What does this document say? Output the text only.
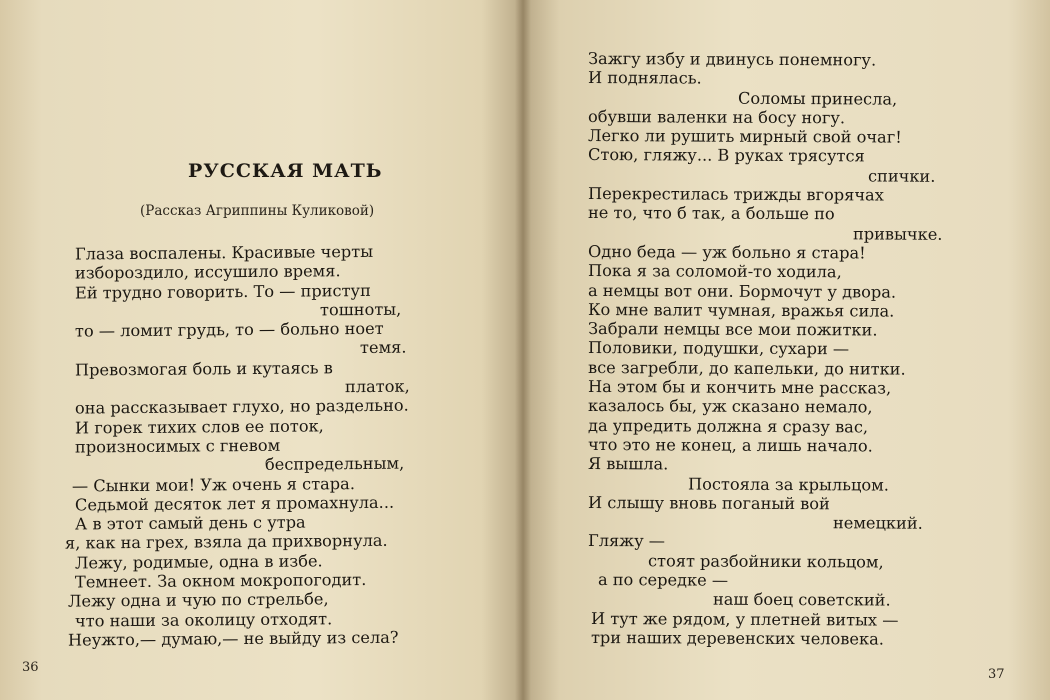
РУССКАЯ МАТЬ
(Рассказ Агриппины Куликовой)
Глаза воспалены. Красивые черты
избороздило, иссушило время.
Ей трудно говорить. То — приступ
тошноты,
то — ломит грудь, то — больно ноет
темя.
Превозмогая боль и кутаясь в
платок,
она рассказывает глухо, но раздельно.
И горек тихих слов ее поток,
произносимых с гневом
беспредельным,
— Сынки мои! Уж очень я стара.
Седьмой десяток лет я промахнула...
А в этот самый день с утра
я, как на грех, взяла да прихворнула.
Лежу, родимые, одна в избе.
Темнеет. За окном мокропогодит.
Лежу одна и чую по стрельбе,
что наши за околицу отходят.
Неужто,— думаю,— не выйду из села?
36
Зажгу избу и двинусь понемногу.
И поднялась.
Соломы принесла,
обувши валенки на босу ногу.
Легко ли рушить мирный свой очаг!
Стою, гляжу... В руках трясутся
спички.
Перекрестилась трижды вгорячах
не то, что б так, а больше по
привычке.
Одно беда — уж больно я стара!
Пока я за соломой-то ходила,
а немцы вот они. Бормочут у двора.
Ко мне валит чумная, вражья сила.
Забрали немцы все мои пожитки.
Половики, подушки, сухари —
все загребли, до капельки, до нитки.
На этом бы и кончить мне рассказ,
казалось бы, уж сказано немало,
да упредить должна я сразу вас,
что это не конец, а лишь начало.
Я вышла.
Постояла за крыльцом.
И слышу вновь поганый вой
немецкий.
Гляжу —
стоят разбойники кольцом,
а по середке —
наш боец советский.
И тут же рядом, у плетней витых —
три наших деревенских человека.
37
